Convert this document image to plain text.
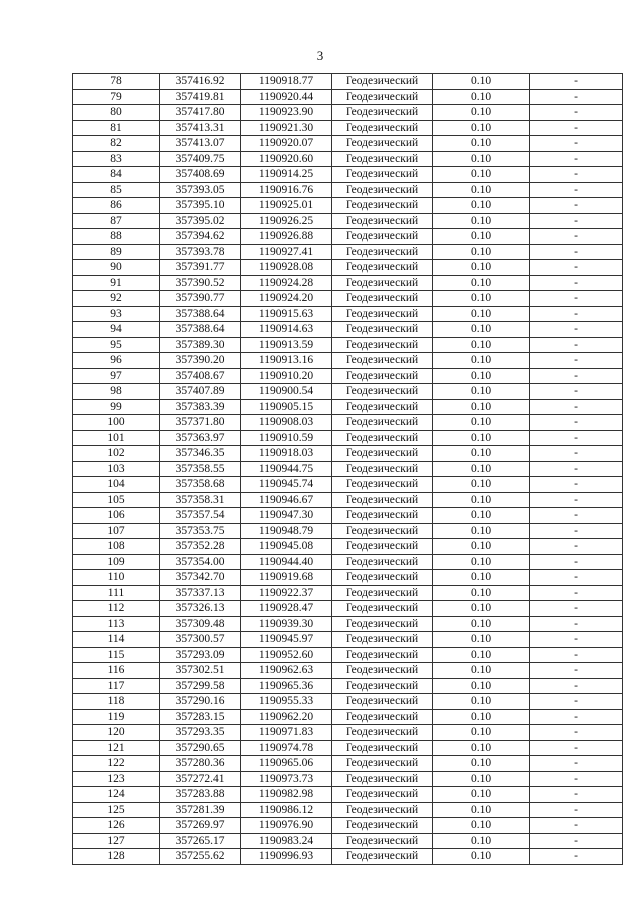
3
78	357416.92	1190918.77	Геодезический	0.10	-
79	357419.81	1190920.44	Геодезический	0.10	-
80	357417.80	1190923.90	Геодезический	0.10	-
81	357413.31	1190921.30	Геодезический	0.10	-
82	357413.07	1190920.07	Геодезический	0.10	-
83	357409.75	1190920.60	Геодезический	0.10	-
84	357408.69	1190914.25	Геодезический	0.10	-
85	357393.05	1190916.76	Геодезический	0.10	-
86	357395.10	1190925.01	Геодезический	0.10	-
87	357395.02	1190926.25	Геодезический	0.10	-
88	357394.62	1190926.88	Геодезический	0.10	-
89	357393.78	1190927.41	Геодезический	0.10	-
90	357391.77	1190928.08	Геодезический	0.10	-
91	357390.52	1190924.28	Геодезический	0.10	-
92	357390.77	1190924.20	Геодезический	0.10	-
93	357388.64	1190915.63	Геодезический	0.10	-
94	357388.64	1190914.63	Геодезический	0.10	-
95	357389.30	1190913.59	Геодезический	0.10	-
96	357390.20	1190913.16	Геодезический	0.10	-
97	357408.67	1190910.20	Геодезический	0.10	-
98	357407.89	1190900.54	Геодезический	0.10	-
99	357383.39	1190905.15	Геодезический	0.10	-
100	357371.80	1190908.03	Геодезический	0.10	-
101	357363.97	1190910.59	Геодезический	0.10	-
102	357346.35	1190918.03	Геодезический	0.10	-
103	357358.55	1190944.75	Геодезический	0.10	-
104	357358.68	1190945.74	Геодезический	0.10	-
105	357358.31	1190946.67	Геодезический	0.10	-
106	357357.54	1190947.30	Геодезический	0.10	-
107	357353.75	1190948.79	Геодезический	0.10	-
108	357352.28	1190945.08	Геодезический	0.10	-
109	357354.00	1190944.40	Геодезический	0.10	-
110	357342.70	1190919.68	Геодезический	0.10	-
111	357337.13	1190922.37	Геодезический	0.10	-
112	357326.13	1190928.47	Геодезический	0.10	-
113	357309.48	1190939.30	Геодезический	0.10	-
114	357300.57	1190945.97	Геодезический	0.10	-
115	357293.09	1190952.60	Геодезический	0.10	-
116	357302.51	1190962.63	Геодезический	0.10	-
117	357299.58	1190965.36	Геодезический	0.10	-
118	357290.16	1190955.33	Геодезический	0.10	-
119	357283.15	1190962.20	Геодезический	0.10	-
120	357293.35	1190971.83	Геодезический	0.10	-
121	357290.65	1190974.78	Геодезический	0.10	-
122	357280.36	1190965.06	Геодезический	0.10	-
123	357272.41	1190973.73	Геодезический	0.10	-
124	357283.88	1190982.98	Геодезический	0.10	-
125	357281.39	1190986.12	Геодезический	0.10	-
126	357269.97	1190976.90	Геодезический	0.10	-
127	357265.17	1190983.24	Геодезический	0.10	-
128	357255.62	1190996.93	Геодезический	0.10	-
